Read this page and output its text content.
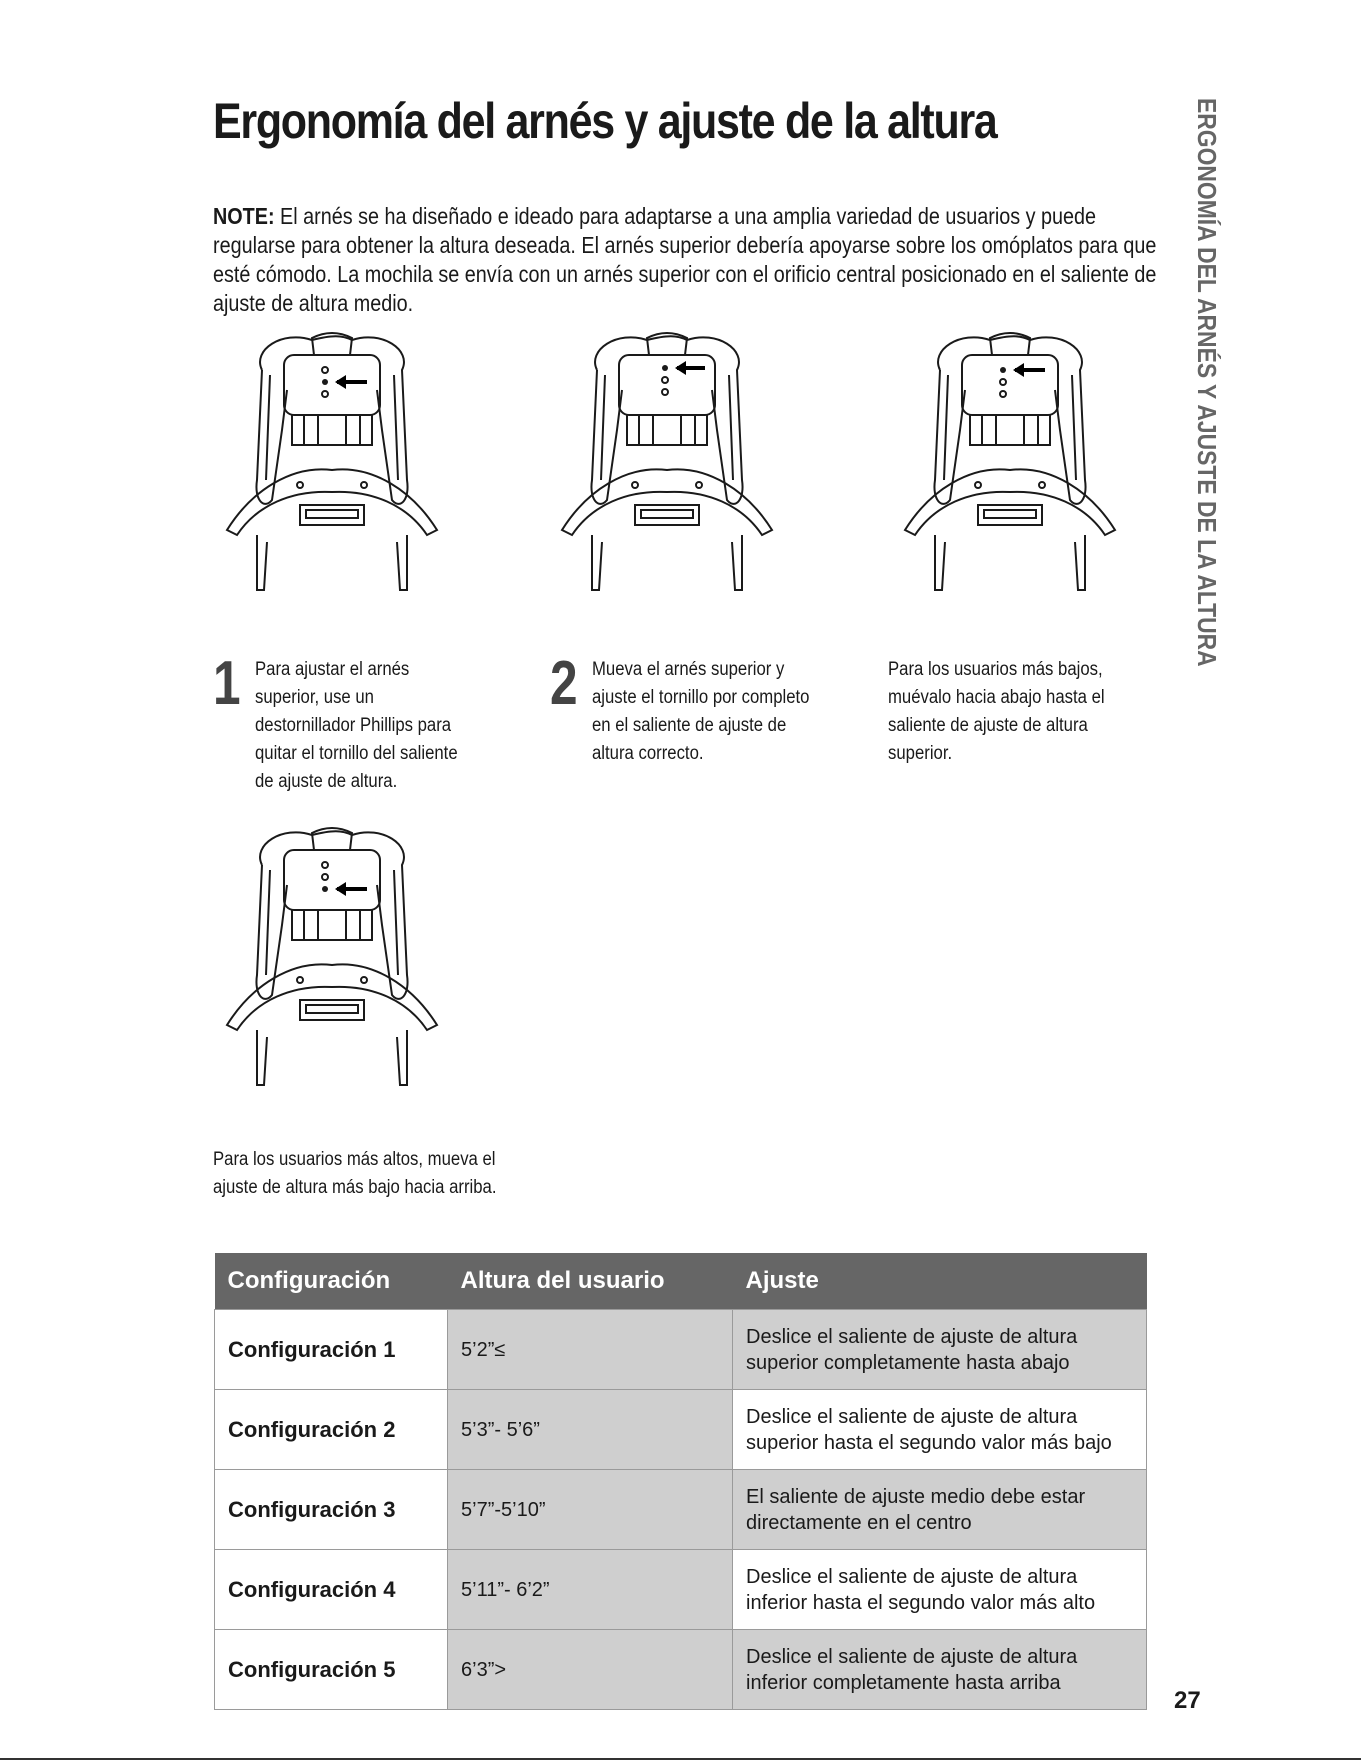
Ergonomía del arnés y ajuste de la altura	ERGONOMÍA DEL ARNÉS Y AJUSTE DE LA ALTURA

NOTE: El arnés se ha diseñado e ideado para adaptarse a una amplia variedad de usuarios y puede regularse para obtener la altura deseada. El arnés superior debería apoyarse sobre los omóplatos para que esté cómodo. La mochila se envía con un arnés superior con el orificio central posicionado en el saliente de ajuste de altura medio.

1 Para ajustar el arnés
superior, use un
destornillador Phillips para
quitar el tornillo del saliente
de ajuste de altura.
2 Mueva el arnés superior y
ajuste el tornillo por completo
en el saliente de ajuste de
altura correcto.
Para los usuarios más bajos,
muévalo hacia abajo hasta el
saliente de ajuste de altura
superior.
Para los usuarios más altos, mueva el
ajuste de altura más bajo hacia arriba.
Configuración	Altura del usuario	Ajuste
Configuración 1	5’2”≤	Deslice el saliente de ajuste de altura superior completamente hasta abajo
Configuración 2	5’3”- 5’6”	Deslice el saliente de ajuste de altura superior hasta el segundo valor más bajo
Configuración 3	5’7”-5’10”	El saliente de ajuste medio debe estar directamente en el centro
Configuración 4	5’11”- 6’2”	Deslice el saliente de ajuste de altura inferior hasta el segundo valor más alto
Configuración 5	6’3”>	Deslice el saliente de ajuste de altura inferior completamente hasta arriba
27
